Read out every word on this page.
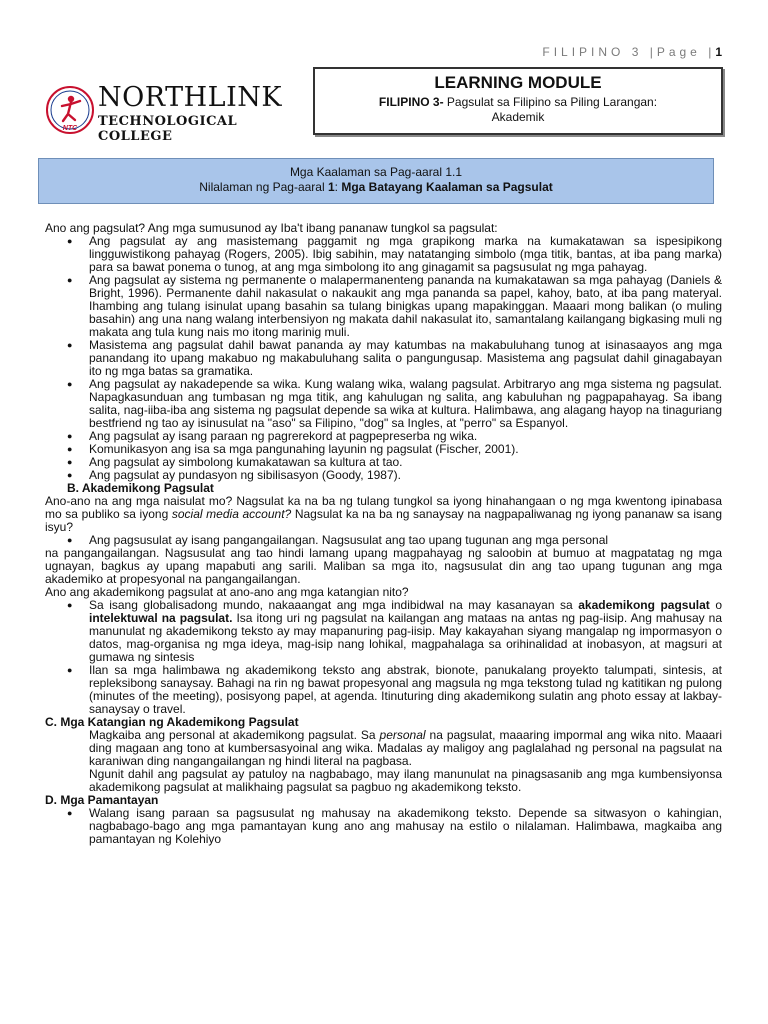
FILIPINO 3 |Page |1
NTC
NORTHLINK
TECHNOLOGICAL COLLEGE
LEARNING MODULE
FILIPINO 3- Pagsulat sa Filipino sa Piling Larangan:
Akademik
Mga Kaalaman sa Pag-aaral 1.1
Nilalaman ng Pag-aaral 1: Mga Batayang Kaalaman sa Pagsulat

Ano ang pagsulat? Ang mga sumusunod ay Iba't ibang pananaw tungkol sa pagsulat:

● Ang pagsulat ay ang masistemang paggamit ng mga grapikong marka na kumakatawan sa ispesipikong lingguwistikong pahayag (Rogers, 2005). Ibig sabihin, may natatanging simbolo (mga titik, bantas, at iba pang marka) para sa bawat ponema o tunog, at ang mga simbolong ito ang ginagamit sa pagsusulat ng mga pahayag.
● Ang pagsulat ay sistema ng permanente o malapermanenteng pananda na kumakatawan sa mga pahayag (Daniels & Bright, 1996). Permanente dahil nakasulat o nakaukit ang mga pananda sa papel, kahoy, bato, at iba pang materyal. Ihambing ang tulang isinulat upang basahin sa tulang binigkas upang mapakinggan. Maaari mong balikan (o muling basahin) ang una nang walang interbensiyon ng makata dahil nakasulat ito, samantalang kailangang bigkasing muli ng makata ang tula kung nais mo itong marinig muli.
● Masistema ang pagsulat dahil bawat pananda ay may katumbas na makabuluhang tunog at isinasaayos ang mga panandang ito upang makabuo ng makabuluhang salita o pangungusap. Masistema ang pagsulat dahil ginagabayan ito ng mga batas sa gramatika.
● Ang pagsulat ay nakadepende sa wika. Kung walang wika, walang pagsulat. Arbitraryo ang mga sistema ng pagsulat. Napagkasunduan ang tumbasan ng mga titik, ang kahulugan ng salita, ang kabuluhan ng pagpapahayag. Sa ibang salita, nag-iiba-iba ang sistema ng pagsulat depende sa wika at kultura. Halimbawa, ang alagang hayop na tinaguriang bestfriend ng tao ay isinusulat na "aso" sa Filipino, "dog" sa Ingles, at "perro" sa Espanyol.
● Ang pagsulat ay isang paraan ng pagrerekord at pagpepreserba ng wika.
● Komunikasyon ang isa sa mga pangunahing layunin ng pagsulat (Fischer, 2001).
● Ang pagsulat ay simbolong kumakatawan sa kultura at tao.
● Ang pagsulat ay pundasyon ng sibilisasyon (Goody, 1987).

B. Akademikong Pagsulat

Ano-ano na ang mga naisulat mo? Nagsulat ka na ba ng tulang tungkol sa iyong hinahangaan o ng mga kwentong ipinabasa mo sa publiko sa iyong social media account? Nagsulat ka na ba ng sanaysay na nagpapaliwanag ng iyong pananaw sa isang isyu?

● Ang pagsusulat ay isang pangangailangan. Nagsusulat ang tao upang tugunan ang mga personal

na pangangailangan. Nagsusulat ang tao hindi lamang upang magpahayag ng saloobin at bumuo at magpatatag ng mga ugnayan, bagkus ay upang mapabuti ang sarili. Maliban sa mga ito, nagsusulat din ang tao upang tugunan ang mga akademiko at propesyonal na pangangailangan.

Ano ang akademikong pagsulat at ano-ano ang mga katangian nito?

● Sa isang globalisadong mundo, nakaaangat ang mga indibidwal na may kasanayan sa akademikong pagsulat o intelektuwal na pagsulat. Isa itong uri ng pagsulat na kailangan ang mataas na antas ng pag-iisip. Ang mahusay na manunulat ng akademikong teksto ay may mapanuring pag-iisip. May kakayahan siyang mangalap ng impormasyon o datos, mag-organisa ng mga ideya, mag-isip nang lohikal, magpahalaga sa orihinalidad at inobasyon, at magsuri at gumawa ng sintesis
● Ilan sa mga halimbawa ng akademikong teksto ang abstrak, bionote, panukalang proyekto talumpati, sintesis, at repleksibong sanaysay. Bahagi na rin ng bawat propesyonal ang magsula ng mga tekstong tulad ng katitikan ng pulong (minutes of the meeting), posisyong papel, at agenda. Itinuturing ding akademikong sulatin ang photo essay at lakbay-sanaysay o travel.

C. Mga Katangian ng Akademikong Pagsulat

Magkaiba ang personal at akademikong pagsulat. Sa personal na pagsulat, maaaring impormal ang wika nito. Maaari ding magaan ang tono at kumbersasyoinal ang wika. Madalas ay maligoy ang paglalahad ng personal na pagsulat na karaniwan ding nangangailangan ng hindi literal na pagbasa.

Ngunit dahil ang pagsulat ay patuloy na nagbabago, may ilang manunulat na pinagsasanib ang mga kumbensiyonsa akademikong pagsulat at malikhaing pagsulat sa pagbuo ng akademikong teksto.

D. Mga Pamantayan

● Walang isang paraan sa pagsusulat ng mahusay na akademikong teksto. Depende sa sitwasyon o kahingian, nagbabago-bago ang mga pamantayan kung ano ang mahusay na estilo o nilalaman. Halimbawa, magkaiba ang pamantayan ng Kolehiyo
